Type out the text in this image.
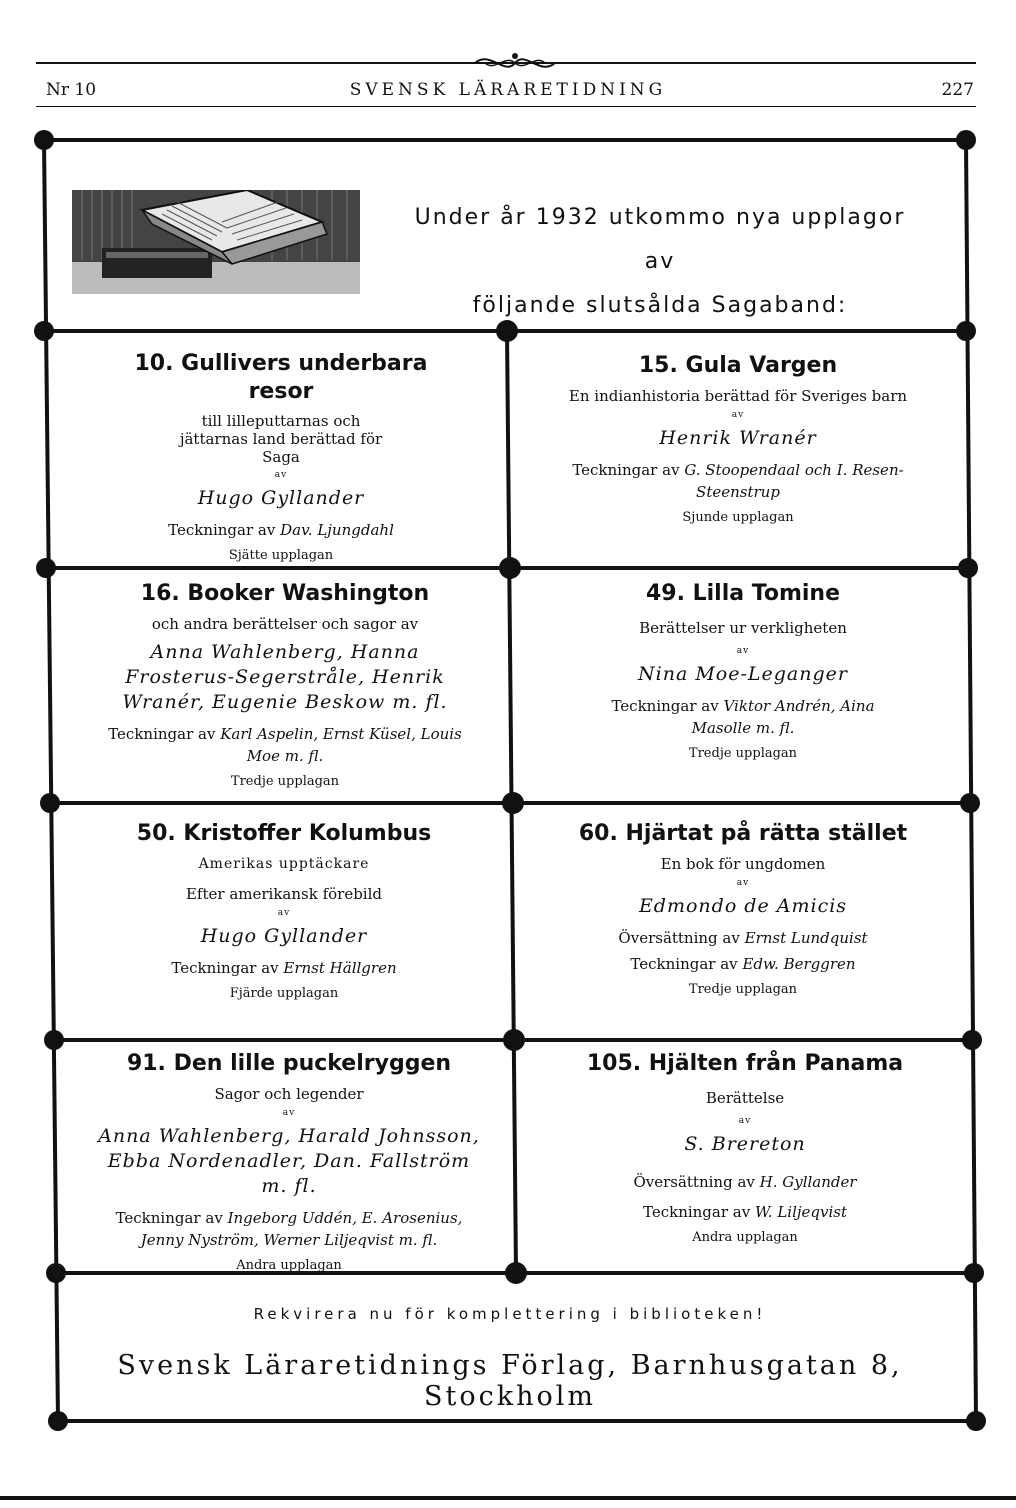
Nr 10	SVENSK LÄRARETIDNING	227
Under år 1932 utkommo nya upplagor av
följande slutsålda Sagaband:
10. Gullivers underbara resor
till lilleputtarnas och jättarnas land berättad för Saga
av
Hugo Gyllander
Teckningar av Dav. Ljungdahl
Sjätte upplagan
15. Gula Vargen
En indianhistoria berättad för Sveriges barn
av
Henrik Wranér
Teckningar av G. Stoopendaal och I. Resen-Steenstrup
Sjunde upplagan
16. Booker Washington
och andra berättelser och sagor av
Anna Wahlenberg, Hanna Frosterus-Segerstråle, Henrik Wranér, Eugenie Beskow m. fl.
Teckningar av Karl Aspelin, Ernst Küsel, Louis Moe m. fl.
Tredje upplagan
49. Lilla Tomine
Berättelser ur verkligheten
av
Nina Moe-Leganger
Teckningar av Viktor Andrén, Aina Masolle m. fl.
Tredje upplagan
50. Kristoffer Kolumbus
Amerikas upptäckare
Efter amerikansk förebild
av
Hugo Gyllander
Teckningar av Ernst Hällgren
Fjärde upplagan
60. Hjärtat på rätta stället
En bok för ungdomen
av
Edmondo de Amicis
Översättning av Ernst Lundquist
Teckningar av Edw. Berggren
Tredje upplagan
91. Den lille puckelryggen
Sagor och legender
av
Anna Wahlenberg, Harald Johnsson, Ebba Nordenadler, Dan. Fallström m. fl.
Teckningar av Ingeborg Uddén, E. Arosenius, Jenny Nyström, Werner Liljeqvist m. fl.
Andra upplagan
105. Hjälten från Panama
Berättelse
av
S. Brereton
Översättning av H. Gyllander
Teckningar av W. Liljeqvist
Andra upplagan
Rekvirera nu för komplettering i biblioteken!
Svensk Läraretidnings Förlag, Barnhusgatan 8, Stockholm
